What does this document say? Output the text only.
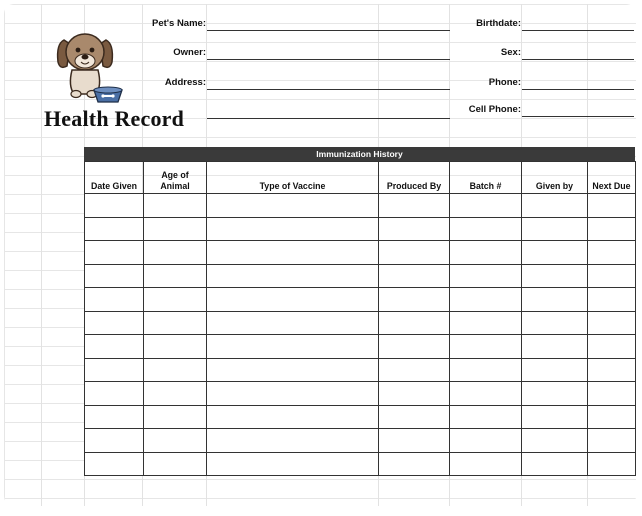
Health Record
Pet's Name:
Owner:
Address:
Birthdate:
Sex:
Phone:
Cell Phone:
Immunization History
Date Given	Age of Animal	Type of Vaccine	Produced By	Batch #	Given by	Next Due
